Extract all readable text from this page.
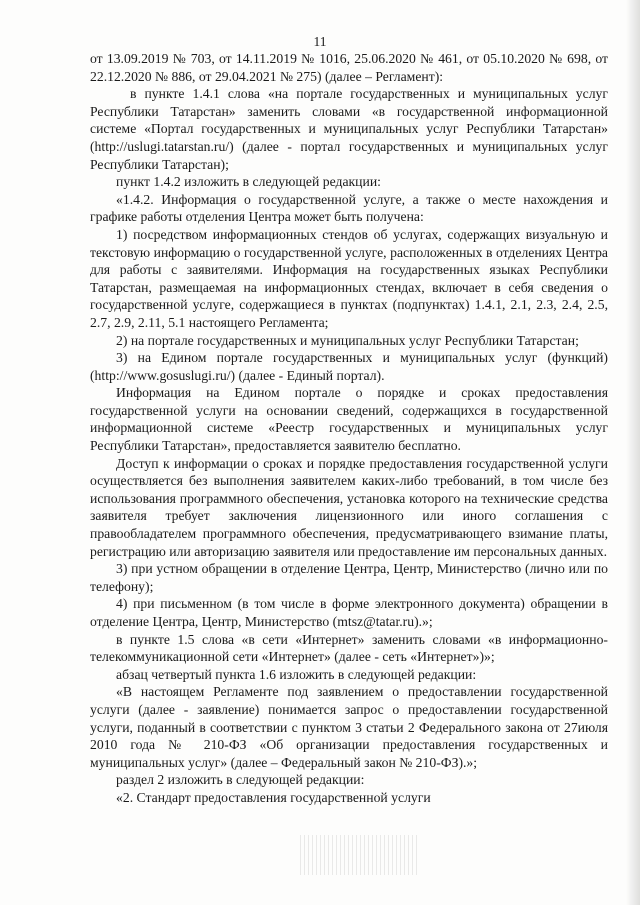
11

от 13.09.2019 № 703, от 14.11.2019 № 1016, 25.06.2020 № 461, от 05.10.2020 № 698, от 22.12.2020 № 886, от 29.04.2021 № 275) (далее – Регламент):

в пункте 1.4.1 слова «на портале государственных и муниципальных услуг Республики Татарстан» заменить словами «в государственной информационной системе «Портал государственных и муниципальных услуг Республики Татарстан» (http://uslugi.tatarstan.ru/) (далее - портал государственных и муниципальных услуг Республики Татарстан);

пункт 1.4.2 изложить в следующей редакции:

«1.4.2. Информация о государственной услуге, а также о месте нахождения и графике работы отделения Центра может быть получена:

1) посредством информационных стендов об услугах, содержащих визуальную и текстовую информацию о государственной услуге, расположенных в отделениях Центра для работы с заявителями. Информация на государственных языках Республики Татарстан, размещаемая на информационных стендах, включает в себя сведения о государственной услуге, содержащиеся в пунктах (подпунктах) 1.4.1, 2.1, 2.3, 2.4, 2.5, 2.7, 2.9, 2.11, 5.1 настоящего Регламента;

2) на портале государственных и муниципальных услуг Республики Татарстан;

3) на Едином портале государственных и муниципальных услуг (функций) (http://www.gosuslugi.ru/) (далее - Единый портал).

Информация на Едином портале о порядке и сроках предоставления государственной услуги на основании сведений, содержащихся в государственной информационной системе «Реестр государственных и муниципальных услуг Республики Татарстан», предоставляется заявителю бесплатно.

Доступ к информации о сроках и порядке предоставления государственной услуги осуществляется без выполнения заявителем каких-либо требований, в том числе без использования программного обеспечения, установка которого на технические средства заявителя требует заключения лицензионного или иного соглашения с правообладателем программного обеспечения, предусматривающего взимание платы, регистрацию или авторизацию заявителя или предоставление им персональных данных.

3) при устном обращении в отделение Центра, Центр, Министерство (лично или по телефону);

4) при письменном (в том числе в форме электронного документа) обращении в отделение Центра, Центр, Министерство (mtsz@tatar.ru).»;

в пункте 1.5 слова «в сети «Интернет» заменить словами «в информационно-телекоммуникационной сети «Интернет» (далее - сеть «Интернет»)»;

абзац четвертый пункта 1.6 изложить в следующей редакции:

«В настоящем Регламенте под заявлением о предоставлении государственной услуги (далее - заявление) понимается запрос о предоставлении государственной услуги, поданный в соответствии с пунктом 3 статьи 2 Федерального закона от 27июля 2010 года № 210-ФЗ «Об организации предоставления государственных и муниципальных услуг» (далее – Федеральный закон № 210-ФЗ).»;

раздел 2 изложить в следующей редакции:

«2. Стандарт предоставления государственной услуги
